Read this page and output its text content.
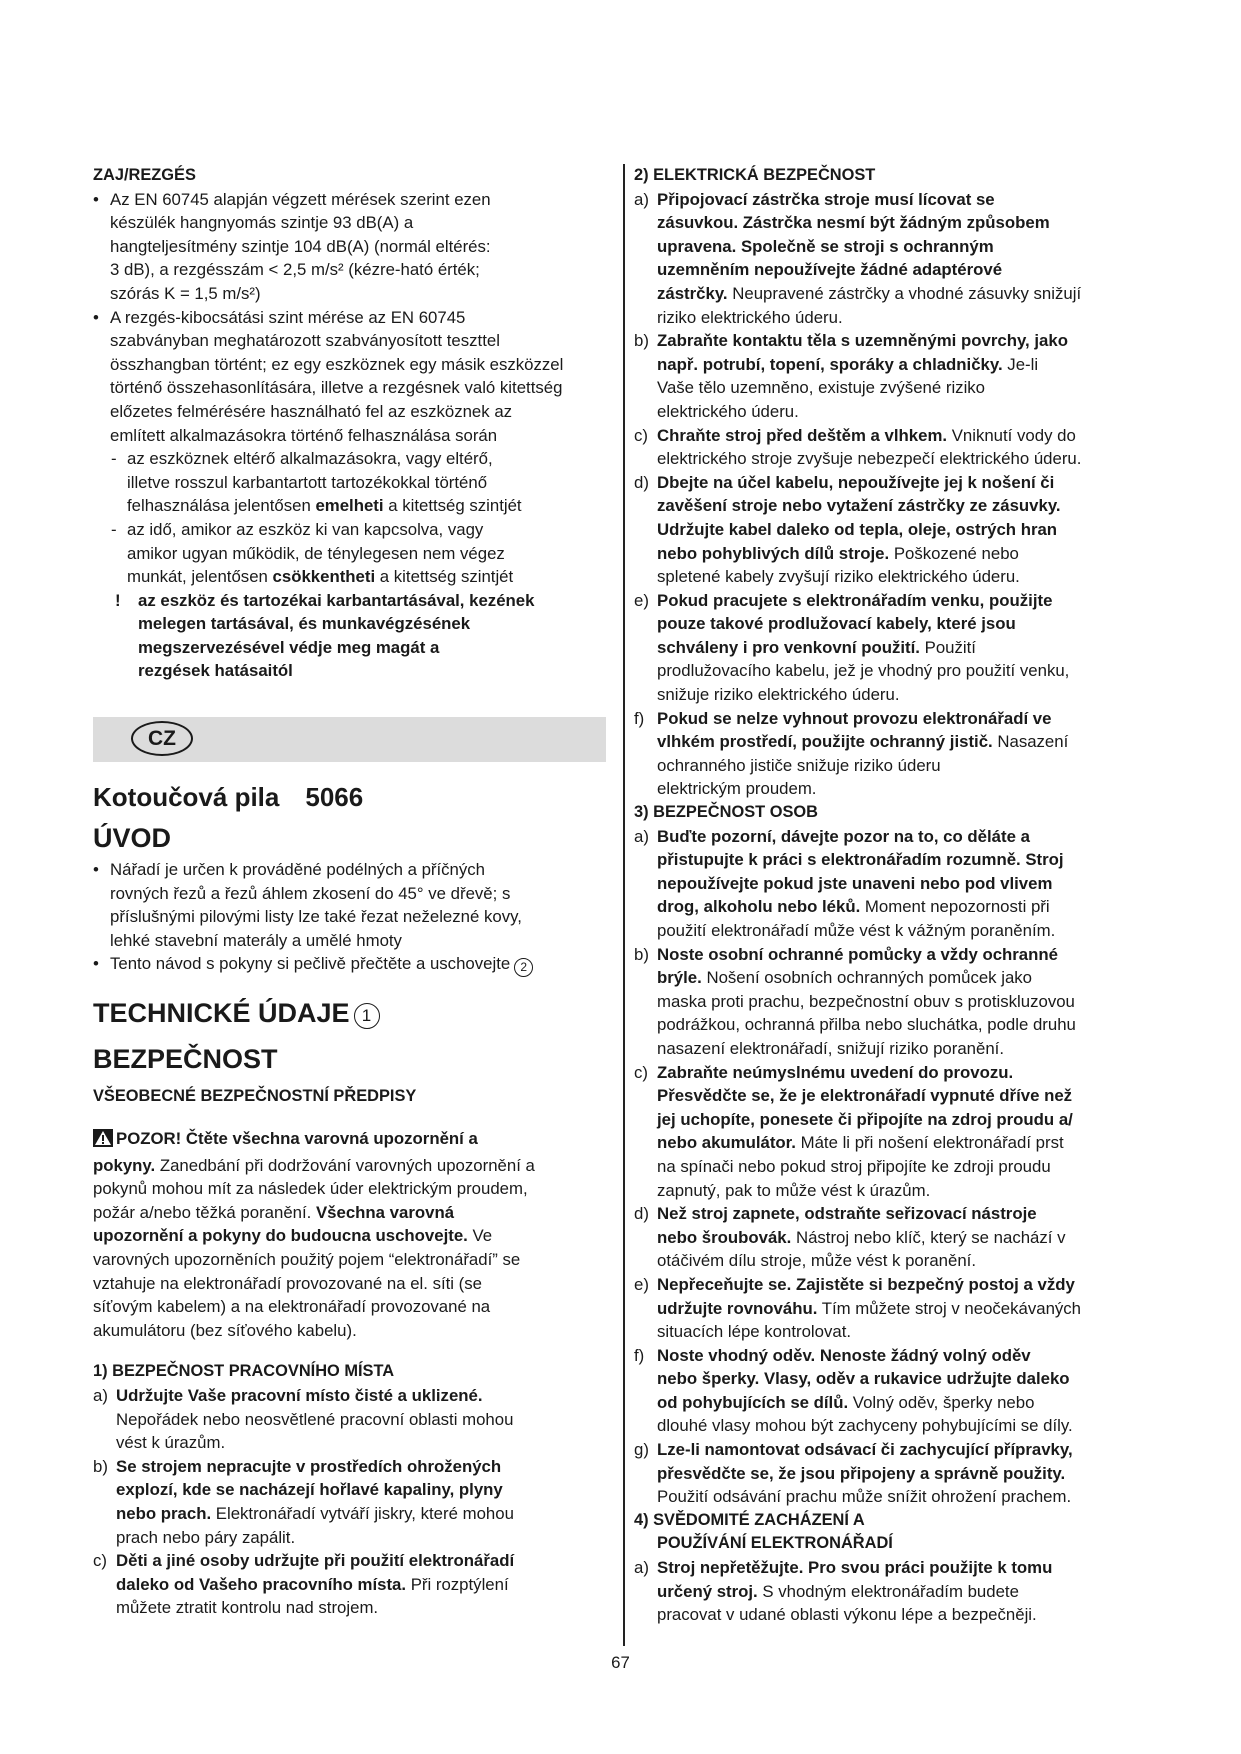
ZAJ/REZGÉS

• Az EN 60745 alapján végzett mérések szerint ezen

készülék hangnyomás szintje 93 dB(A) a

hangteljesítmény szintje 104 dB(A) (normál eltérés:

3 dB), a rezgésszám < 2,5 m/s² (kézre-ható érték;

szórás K = 1,5 m/s²)

• A rezgés-kibocsátási szint mérése az EN 60745

szabványban meghatározott szabványosított teszttel

összhangban történt; ez egy eszköznek egy másik eszközzel

történő összehasonlítására, illetve a rezgésnek való kitettség

előzetes felmérésére használható fel az eszköznek az

említett alkalmazásokra történő felhasználása során

- az eszköznek eltérő alkalmazásokra, vagy eltérő,

illetve rosszul karbantartott tartozékokkal történő

felhasználása jelentősen emelheti a kitettség szintjét

- az idő, amikor az eszköz ki van kapcsolva, vagy

amikor ugyan működik, de ténylegesen nem végez

munkát, jelentősen csökkentheti a kitettség szintjét

! az eszköz és tartozékai karbantartásával, kezének

melegen tartásával, és munkavégzésének

megszervezésével védje meg magát a

rezgések hatásaitól

CZ

Kotoučová pila 5066

ÚVOD

• Nářadí je určen k prováděné podélných a příčných

rovných řezů a řezů áhlem zkosení do 45° ve dřevě; s

příslušnými pilovými listy lze také řezat neželezné kovy,

lehké stavební materály a umělé hmoty

• Tento návod s pokyny si pečlivě přečtěte a uschovejte 2

TECHNICKÉ ÚDAJE 1

BEZPEČNOST

VŠEOBECNÉ BEZPEČNOSTNÍ PŘEDPISY

POZOR! Čtěte všechna varovná upozornění a

pokyny. Zanedbání při dodržování varovných upozornění a

pokynů mohou mít za následek úder elektrickým proudem,

požár a/nebo těžká poranění. Všechna varovná

upozornění a pokyny do budoucna uschovejte. Ve

varovných upozorněních použitý pojem “elektronářadí” se

vztahuje na elektronářadí provozované na el. síti (se

síťovým kabelem) a na elektronářadí provozované na

akumulátoru (bez síťového kabelu).

1) BEZPEČNOST PRACOVNÍHO MÍSTA

a) Udržujte Vaše pracovní místo čisté a uklizené.

Nepořádek nebo neosvětlené pracovní oblasti mohou

vést k úrazům.

b) Se strojem nepracujte v prostředích ohrožených

explozí, kde se nacházejí hořlavé kapaliny, plyny

nebo prach. Elektronářadí vytváří jiskry, které mohou

prach nebo páry zapálit.

c) Děti a jiné osoby udržujte při použití elektronářadí

daleko od Vašeho pracovního místa. Při rozptýlení

můžete ztratit kontrolu nad strojem.

2) ELEKTRICKÁ BEZPEČNOST

a) Připojovací zástrčka stroje musí lícovat se

zásuvkou. Zástrčka nesmí být žádným způsobem

upravena. Společně se stroji s ochranným

uzemněním nepoužívejte žádné adaptérové

zástrčky. Neupravené zástrčky a vhodné zásuvky snižují

riziko elektrického úderu.

b) Zabraňte kontaktu těla s uzemněnými povrchy, jako

např. potrubí, topení, sporáky a chladničky. Je-li

Vaše tělo uzemněno, existuje zvýšené riziko

elektrického úderu.

c) Chraňte stroj před deštěm a vlhkem. Vniknutí vody do

elektrického stroje zvyšuje nebezpečí elektrického úderu.

d) Dbejte na účel kabelu, nepoužívejte jej k nošení či

zavěšení stroje nebo vytažení zástrčky ze zásuvky.

Udržujte kabel daleko od tepla, oleje, ostrých hran

nebo pohyblivých dílů stroje. Poškozené nebo

spletené kabely zvyšují riziko elektrického úderu.

e) Pokud pracujete s elektronářadím venku, použijte

pouze takové prodlužovací kabely, které jsou

schváleny i pro venkovní použití. Použití

prodlužovacího kabelu, jež je vhodný pro použití venku,

snižuje riziko elektrického úderu.

f) Pokud se nelze vyhnout provozu elektronářadí ve

vlhkém prostředí, použijte ochranný jistič. Nasazení

ochranného jističe snižuje riziko úderu

elektrickým proudem.

3) BEZPEČNOST OSOB

a) Buďte pozorní, dávejte pozor na to, co děláte a

přistupujte k práci s elektronářadím rozumně. Stroj

nepoužívejte pokud jste unaveni nebo pod vlivem

drog, alkoholu nebo léků. Moment nepozornosti při

použití elektronářadí může vést k vážným poraněním.

b) Noste osobní ochranné pomůcky a vždy ochranné

brýle. Nošení osobních ochranných pomůcek jako

maska proti prachu, bezpečnostní obuv s protiskluzovou

podrážkou, ochranná přilba nebo sluchátka, podle druhu

nasazení elektronářadí, snižují riziko poranění.

c) Zabraňte neúmyslnému uvedení do provozu.

Přesvědčte se, že je elektronářadí vypnuté dříve než

jej uchopíte, ponesete či připojíte na zdroj proudu a/

nebo akumulátor. Máte li při nošení elektronářadí prst

na spínači nebo pokud stroj připojíte ke zdroji proudu

zapnutý, pak to může vést k úrazům.

d) Než stroj zapnete, odstraňte seřizovací nástroje

nebo šroubovák. Nástroj nebo klíč, který se nachází v

otáčivém dílu stroje, může vést k poranění.

e) Nepřeceňujte se. Zajistěte si bezpečný postoj a vždy

udržujte rovnováhu. Tím můžete stroj v neočekávaných

situacích lépe kontrolovat.

f) Noste vhodný oděv. Nenoste žádný volný oděv

nebo šperky. Vlasy, oděv a rukavice udržujte daleko

od pohybujících se dílů. Volný oděv, šperky nebo

dlouhé vlasy mohou být zachyceny pohybujícími se díly.

g) Lze-li namontovat odsávací či zachycující přípravky,

přesvědčte se, že jsou připojeny a správně použity.

Použití odsávání prachu může snížit ohrožení prachem.

4) SVĚDOMITÉ ZACHÁZENÍ A

POUŽÍVÁNÍ ELEKTRONÁŘADÍ

a) Stroj nepřetěžujte. Pro svou práci použijte k tomu

určený stroj. S vhodným elektronářadím budete

pracovat v udané oblasti výkonu lépe a bezpečněji.

67
